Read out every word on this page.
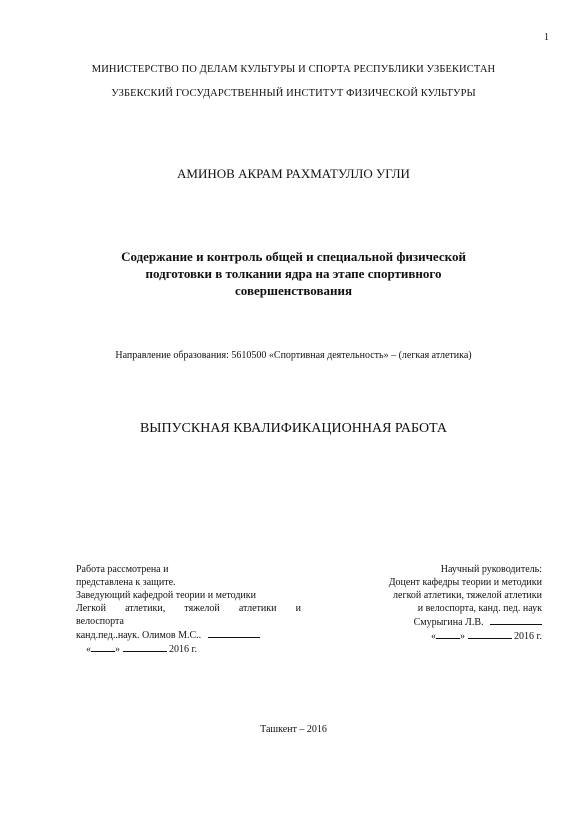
1
МИНИСТЕРСТВО ПО ДЕЛАМ КУЛЬТУРЫ И СПОРТА РЕСПУБЛИКИ УЗБЕКИСТАН
УЗБЕКСКИЙ ГОСУДАРСТВЕННЫЙ ИНСТИТУТ ФИЗИЧЕСКОЙ КУЛЬТУРЫ
АМИНОВ АКРАМ РАХМАТУЛЛО УГЛИ
Содержание и контроль общей и специальной физической
подготовки в толкании ядра на этапе спортивного
совершенствования
Направление образования: 5610500 «Спортивная деятельность» – (легкая атлетика)
ВЫПУСКНАЯ КВАЛИФИКАЦИОННАЯ РАБОТА
Работа рассмотрена и
представлена к защите.
Заведующий кафедрой теории и методики
Легкой атлетики, тяжелой атлетики и
велоспорта
канд.пед..наук. Олимов М.С..
« »	2016 г.
Научный руководитель:
Доцент кафедры теории и методики
легкой атлетики, тяжелой атлетики
и велоспорта, канд. пед. наук
Смурыгина Л.В.
« »	2016 г.
Ташкент – 2016
